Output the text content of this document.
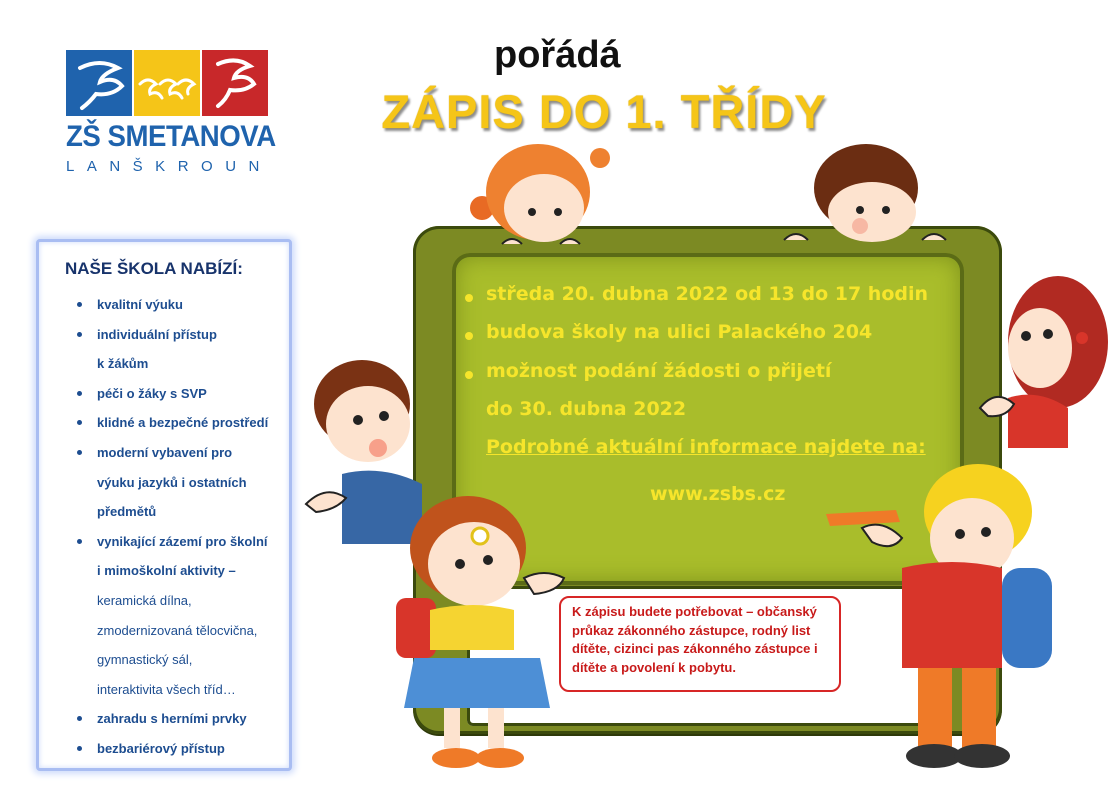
ZŠ SMETANOVA
LANŠKROUN
pořádá
ZÁPIS DO 1. TŘÍDY
NAŠE ŠKOLA NABÍZÍ:
kvalitní výuku
individuální přístup
k žákům
péči o žáky s SVP
klidné a bezpečné prostředí
moderní vybavení pro
výuku jazyků i ostatních
předmětů
vynikající zázemí pro školní
i mimoškolní aktivity –
keramická dílna,
zmodernizovaná tělocvična,
gymnastický sál,
interaktivita všech tříd…
zahradu s herními prvky
bezbariérový přístup
středa 20. dubna 2022 od 13 do 17 hodin
budova školy na ulici Palackého 204
možnost podání žádosti o přijetí
do 30. dubna 2022
Podrobné aktuální informace najdete na:
www.zsbs.cz
K zápisu budete potřebovat – občanský
průkaz zákonného zástupce, rodný list
dítěte, cizinci pas zákonného zástupce i
dítěte a povolení k pobytu.
